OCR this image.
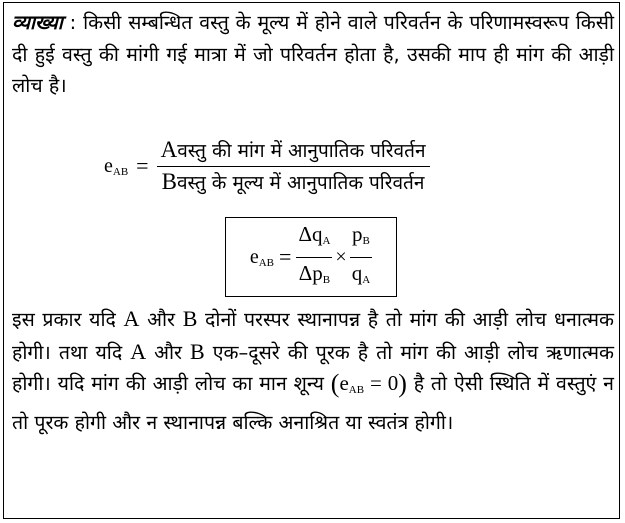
व्याख्या : किसी सम्बन्धित वस्तु के मूल्य में होने वाले परिवर्तन के परिणामस्वरूप किसी दी हुई वस्तु की मांगी गई मात्रा में जो परिवर्तन होता है, उसकी माप ही मांग की आड़ी लोच है।
$e_{AB} = \frac{\text{Aवस्तु की मांग में आनुपातिक परिवर्तन}}{\text{Bवस्तु के मूल्य में आनुपातिक परिवर्तन}}$
$e_{AB} = \frac{\Delta q_A}{\Delta p_B} \times \frac{p_B}{q_A}$
इस प्रकार यदि A और B दोनों परस्पर स्थानापन्न है तो मांग की आड़ी लोच धनात्मक होगी। तथा यदि A और B एक–दूसरे की पूरक है तो मांग की आड़ी लोच ऋणात्मक होगी। यदि मांग की आड़ी लोच का मान शून्य $(e_{AB} = 0)$ है तो ऐसी स्थिति में वस्तुएं न तो पूरक होगी और न स्थानापन्न बल्कि अनाश्रित या स्वतंत्र होगी।
